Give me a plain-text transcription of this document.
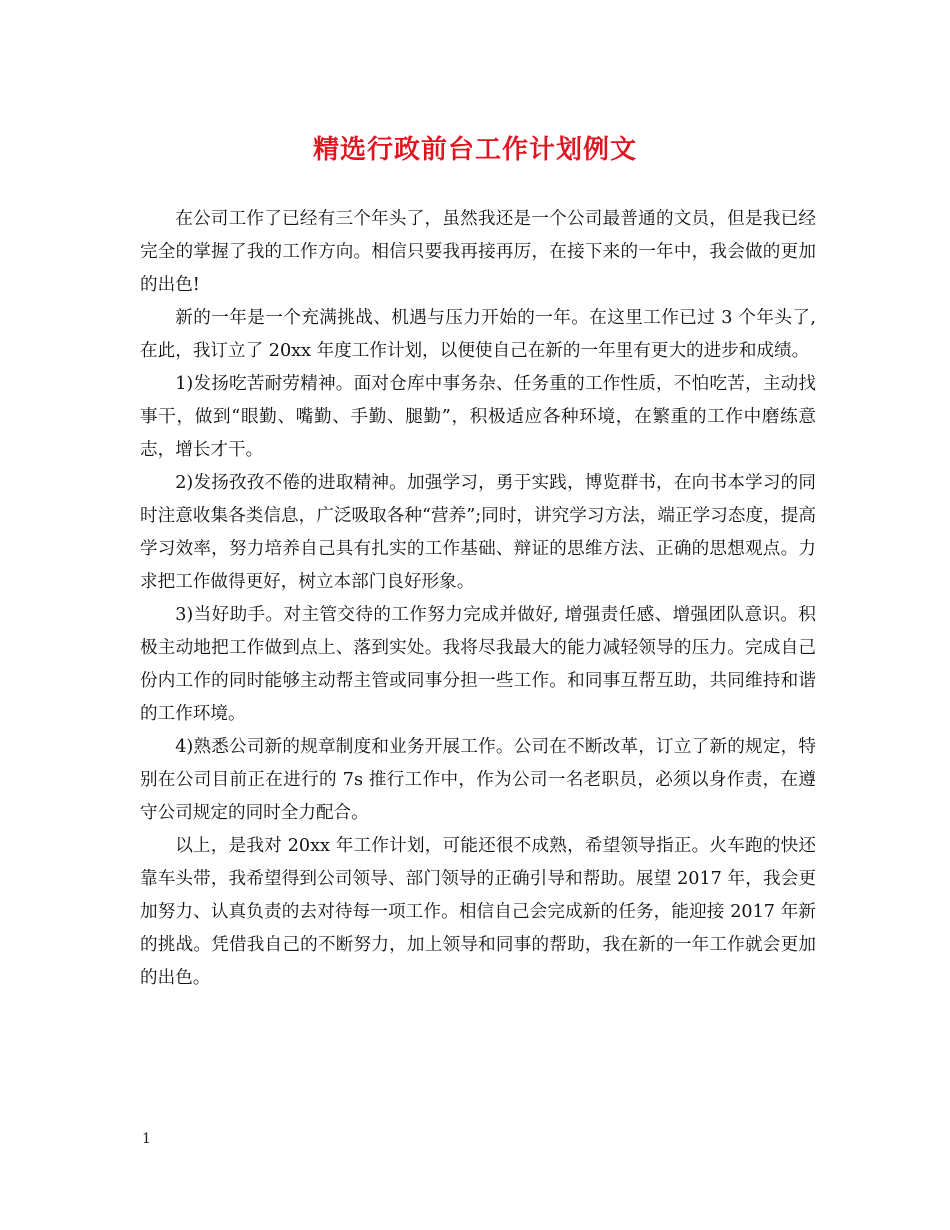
精选行政前台工作计划例文

在公司工作了已经有三个年头了，虽然我还是一个公司最普通的文员，但是我已经完全的掌握了我的工作方向。相信只要我再接再厉，在接下来的一年中，我会做的更加的出色!

新的一年是一个充满挑战、机遇与压力开始的一年。在这里工作已过 3 个年头了,在此，我订立了 20xx 年度工作计划，以便使自己在新的一年里有更大的进步和成绩。

1)发扬吃苦耐劳精神。面对仓库中事务杂、任务重的工作性质，不怕吃苦，主动找事干，做到“眼勤、嘴勤、手勤、腿勤”，积极适应各种环境，在繁重的工作中磨练意志，增长才干。

2)发扬孜孜不倦的进取精神。加强学习，勇于实践，博览群书，在向书本学习的同时注意收集各类信息，广泛吸取各种“营养”;同时，讲究学习方法，端正学习态度，提高学习效率，努力培养自己具有扎实的工作基础、辩证的思维方法、正确的思想观点。力求把工作做得更好，树立本部门良好形象。

3)当好助手。对主管交待的工作努力完成并做好, 增强责任感、增强团队意识。积极主动地把工作做到点上、落到实处。我将尽我最大的能力减轻领导的压力。完成自己份内工作的同时能够主动帮主管或同事分担一些工作。和同事互帮互助，共同维持和谐的工作环境。

4)熟悉公司新的规章制度和业务开展工作。公司在不断改革，订立了新的规定，特别在公司目前正在进行的 7s 推行工作中，作为公司一名老职员，必须以身作责，在遵守公司规定的同时全力配合。

以上，是我对 20xx 年工作计划，可能还很不成熟，希望领导指正。火车跑的快还靠车头带，我希望得到公司领导、部门领导的正确引导和帮助。展望 2017 年，我会更加努力、认真负责的去对待每一项工作。相信自己会完成新的任务，能迎接 2017 年新的挑战。凭借我自己的不断努力，加上领导和同事的帮助，我在新的一年工作就会更加的出色。

1
